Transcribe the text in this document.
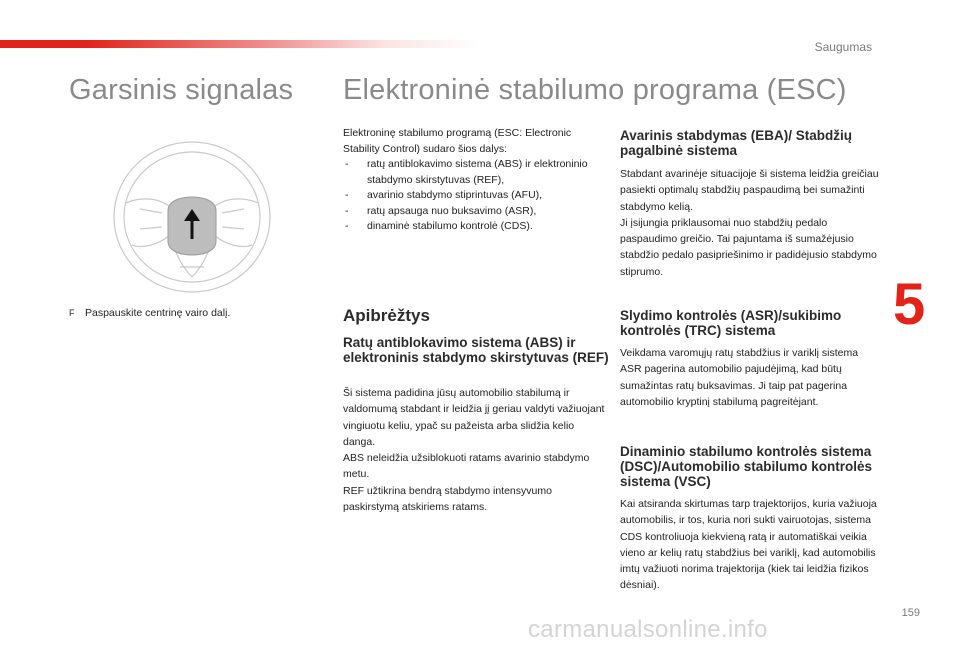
Saugumas
Garsinis signalas Elektroninė stabilumo programa (ESC)
F Paspauskite centrinę vairo dalį.

Elektroninę stabilumo programą (ESC: Electronic Stability Control) sudaro šios dalys:

- ratų antiblokavimo sistema (ABS) ir elektroninio stabdymo skirstytuvas (REF),
- avarinio stabdymo stiprintuvas (AFU),
- ratų apsauga nuo buksavimo (ASR),
- dinaminė stabilumo kontrolė (CDS).
Apibrėžtys
Ratų antiblokavimo sistema (ABS) ir elektroninis stabdymo skirstytuvas (REF)

Ši sistema padidina jūsų automobilio stabilumą ir valdomumą stabdant ir leidžia jį geriau valdyti važiuojant vingiuotu keliu, ypač su pažeista arba slidžia kelio danga.

ABS neleidžia užsiblokuoti ratams avarinio stabdymo metu.

REF užtikrina bendrą stabdymo intensyvumo paskirstymą atskiriems ratams.

Avarinis stabdymas (EBA)/ Stabdžių pagalbinė sistema

Stabdant avarinėje situacijoje ši sistema leidžia greičiau pasiekti optimalų stabdžių paspaudimą bei sumažinti stabdymo kelią.

Ji įsijungia priklausomai nuo stabdžių pedalo paspaudimo greičio. Tai pajuntama iš sumažėjusio stabdžio pedalo pasipriešinimo ir padidėjusio stabdymo stiprumo.

Slydimo kontrolės (ASR)/sukibimo kontrolės (TRC) sistema

Veikdama varomųjų ratų stabdžius ir variklį sistema ASR pagerina automobilio pajudėjimą, kad būtų sumažintas ratų buksavimas. Ji taip pat pagerina automobilio kryptinį stabilumą pagreitėjant.

Dinaminio stabilumo kontrolės sistema (DSC)/Automobilio stabilumo kontrolės sistema (VSC)

Kai atsiranda skirtumas tarp trajektorijos, kuria važiuoja automobilis, ir tos, kuria nori sukti vairuotojas, sistema CDS kontroliuoja kiekvieną ratą ir automatiškai veikia vieno ar kelių ratų stabdžius bei variklį, kad automobilis imtų važiuoti norima trajektorija (kiek tai leidžia fizikos dėsniai).

5
159
carmanualsonline.info
